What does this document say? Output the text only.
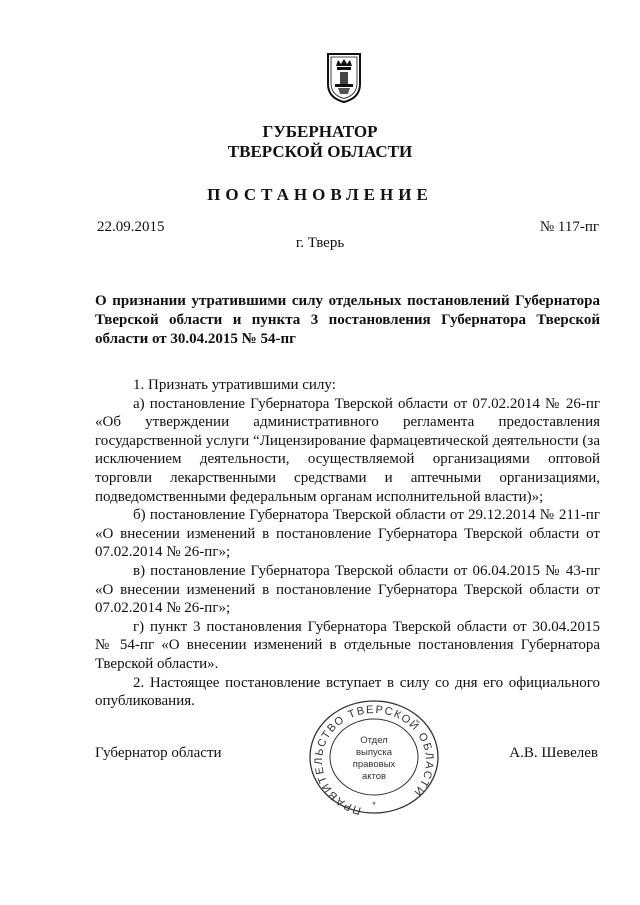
ГУБЕРНАТОР
ТВЕРСКОЙ ОБЛАСТИ
ПОСТАНОВЛЕНИЕ
22.09.2015	№ 117-пг
г. Тверь
О признании утратившими силу отдельных постановлений Губернатора Тверской области и пункта 3 постановления Губернатора Тверской области от 30.04.2015 № 54-пг

1. Признать утратившими силу:

а) постановление Губернатора Тверской области от 07.02.2014 № 26-пг «Об утверждении административного регламента предоставления государственной услуги “Лицензирование фармацевтической деятельности (за исключением деятельности, осуществляемой организациями оптовой торговли лекарственными средствами и аптечными организациями, подведомственными федеральным органам исполнительной власти)»;

б) постановление Губернатора Тверской области от 29.12.2014 № 211-пг «О внесении изменений в постановление Губернатора Тверской области от 07.02.2014 № 26-пг»;

в) постановление Губернатора Тверской области от 06.04.2015 № 43-пг «О внесении изменений в постановление Губернатора Тверской области от 07.02.2014 № 26-пг»;

г) пункт 3 постановления Губернатора Тверской области от 30.04.2015 № 54-пг «О внесении изменений в отдельные постановления Губернатора Тверской области».

2. Настоящее постановление вступает в силу со дня его официального опубликования.

Губернатор области	А.В. Шевелев
ПРАВИТЕЛЬСТВО ТВЕРСКОЙ ОБЛАСТИ
Отдел
выпуска
правовых
актов
*
